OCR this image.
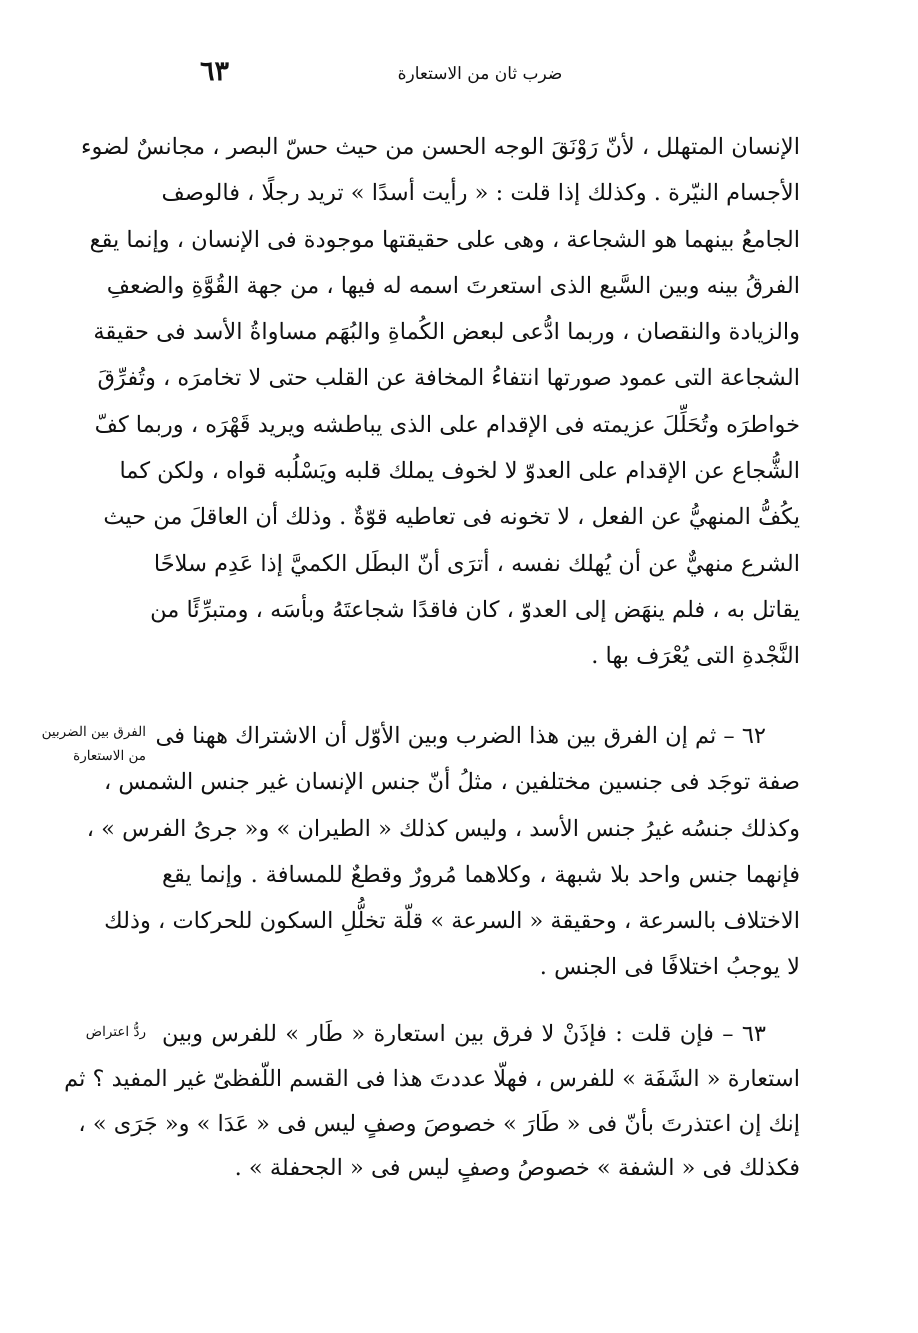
٦٣	ضرب ثان من الاستعارة
الإنسان المتهلل ، لأنّ رَوْنَقَ الوجه الحسن من حيث حسّ البصر ، مجانسٌ لضوء
الأجسام النيّرة . وكذلك إذا قلت : « رأيت أسدًا » تريد رجلًا ، فالوصف
الجامعُ بينهما هو الشجاعة ، وهى على حقيقتها موجودة فى الإنسان ، وإنما يقع
الفرقُ بينه وبين السَّبع الذى استعرتَ اسمه له فيها ، من جهة القُوَّةِ والضعفِ
والزيادة والنقصان ، وربما ادُّعى لبعض الكُماةِ والبُهَم مساواةُ الأسد فى حقيقة
الشجاعة التى عمود صورتها انتفاءُ المخافة عن القلب حتى لا تخامرَه ، وتُفرِّقَ
خواطرَه وتُحَلِّلَ عزيمته فى الإقدام على الذى يباطشه ويريد قَهْرَه ، وربما كفّ
الشُّجاع عن الإقدام على العدوّ لا لخوف يملك قلبه ويَسْلُبه قواه ، ولكن كما
يكُفُّ المنهيُّ عن الفعل ، لا تخونه فى تعاطيه قوّةٌ . وذلك أن العاقلَ من حيث
الشرع منهيٌّ عن أن يُهلك نفسه ، أترَى أنّ البطَل الكميَّ إذا عَدِم سلاحًا
يقاتل به ، فلم ينهَض إلى العدوّ ، كان فاقدًا شجاعتَهُ وبأسَه ، ومتبرِّئًا من
النَّجْدةِ التى يُعْرَف بها .
٦٢ – ثم إن الفرق بين هذا الضرب وبين الأوّل أن الاشتراك ههنا فى
صفة توجَد فى جنسين مختلفين ، مثلُ أنّ جنس الإنسان غير جنس الشمس ،
وكذلك جنسُه غيرُ جنس الأسد ، وليس كذلك « الطيران » و« جرىُ الفرس » ،
فإنهما جنس واحد بلا شبهة ، وكلاهما مُرورٌ وقطعٌ للمسافة . وإنما يقع
الاختلاف بالسرعة ، وحقيقة « السرعة » قلّة تخلُّلِ السكون للحركات ، وذلك
لا يوجبُ اختلافًا فى الجنس .
٦٣ – فإن قلت : فإذَنْ لا فرق بين استعارة « طَار » للفرس وبين
استعارة « الشَفَة » للفرس ، فهلّا عددتَ هذا فى القسم اللّفظىّ غير المفيد ؟ ثم
إنك إن اعتذرتَ بأنّ فى « طَارَ » خصوصَ وصفٍ ليس فى « عَدَا » و« جَرَى » ،
فكذلك فى « الشفة » خصوصُ وصفٍ ليس فى « الجحفلة » .
الفرق بين الضربين
من الاستعارة
ردُّ اعتراض
